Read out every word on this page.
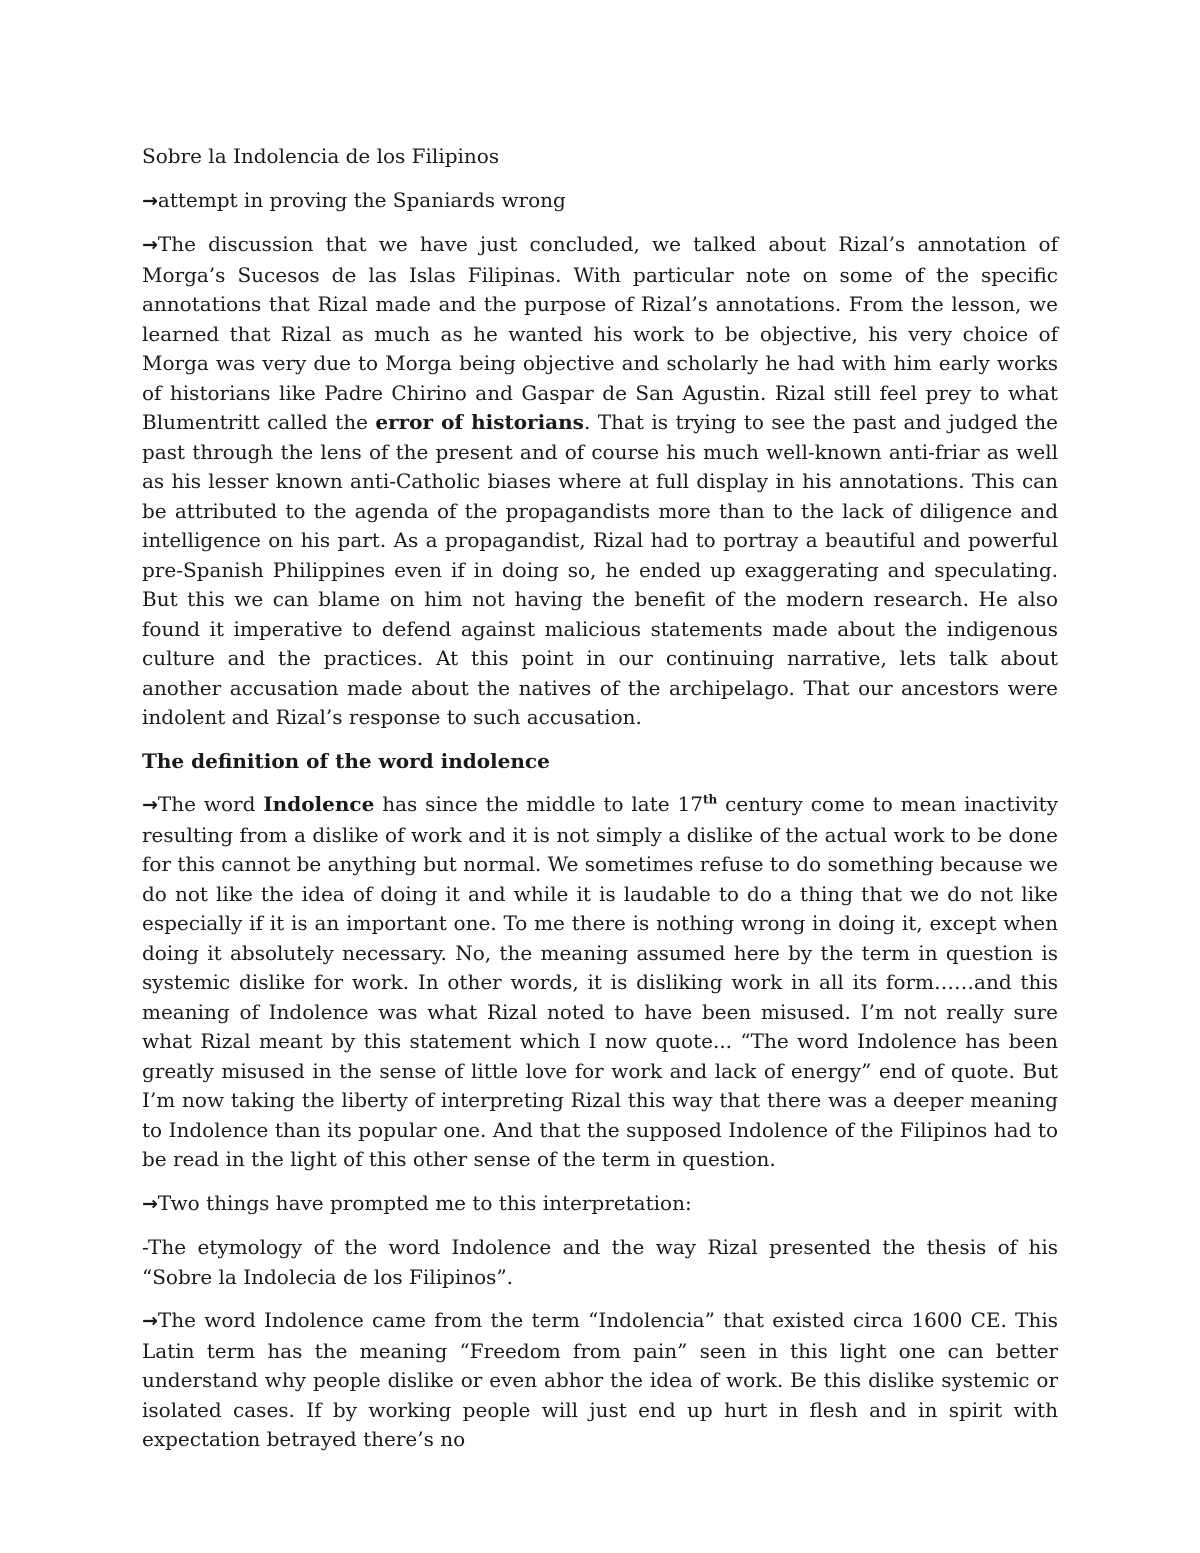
Sobre la Indolencia de los Filipinos

→attempt in proving the Spaniards wrong

→The discussion that we have just concluded, we talked about Rizal’s annotation of Morga’s Sucesos de las Islas Filipinas. With particular note on some of the specific annotations that Rizal made and the purpose of Rizal’s annotations. From the lesson, we learned that Rizal as much as he wanted his work to be objective, his very choice of Morga was very due to Morga being objective and scholarly he had with him early works of historians like Padre Chirino and Gaspar de San Agustin. Rizal still feel prey to what Blumentritt called the error of historians. That is trying to see the past and judged the past through the lens of the present and of course his much well-known anti-friar as well as his lesser known anti-Catholic biases where at full display in his annotations. This can be attributed to the agenda of the propagandists more than to the lack of diligence and intelligence on his part. As a propagandist, Rizal had to portray a beautiful and powerful pre-Spanish Philippines even if in doing so, he ended up exaggerating and speculating. But this we can blame on him not having the benefit of the modern research. He also found it imperative to defend against malicious statements made about the indigenous culture and the practices. At this point in our continuing narrative, lets talk about another accusation made about the natives of the archipelago. That our ancestors were indolent and Rizal’s response to such accusation.

The definition of the word indolence

→The word Indolence has since the middle to late 17th century come to mean inactivity resulting from a dislike of work and it is not simply a dislike of the actual work to be done for this cannot be anything but normal. We sometimes refuse to do something because we do not like the idea of doing it and while it is laudable to do a thing that we do not like especially if it is an important one. To me there is nothing wrong in doing it, except when doing it absolutely necessary. No, the meaning assumed here by the term in question is systemic dislike for work. In other words, it is disliking work in all its form……and this meaning of Indolence was what Rizal noted to have been misused. I’m not really sure what Rizal meant by this statement which I now quote... “The word Indolence has been greatly misused in the sense of little love for work and lack of energy” end of quote. But I’m now taking the liberty of interpreting Rizal this way that there was a deeper meaning to Indolence than its popular one. And that the supposed Indolence of the Filipinos had to be read in the light of this other sense of the term in question.

→Two things have prompted me to this interpretation:

-The etymology of the word Indolence and the way Rizal presented the thesis of his “Sobre la Indolecia de los Filipinos”.

→The word Indolence came from the term “Indolencia” that existed circa 1600 CE. This Latin term has the meaning “Freedom from pain” seen in this light one can better understand why people dislike or even abhor the idea of work. Be this dislike systemic or isolated cases. If by working people will just end up hurt in flesh and in spirit with expectation betrayed there’s no
